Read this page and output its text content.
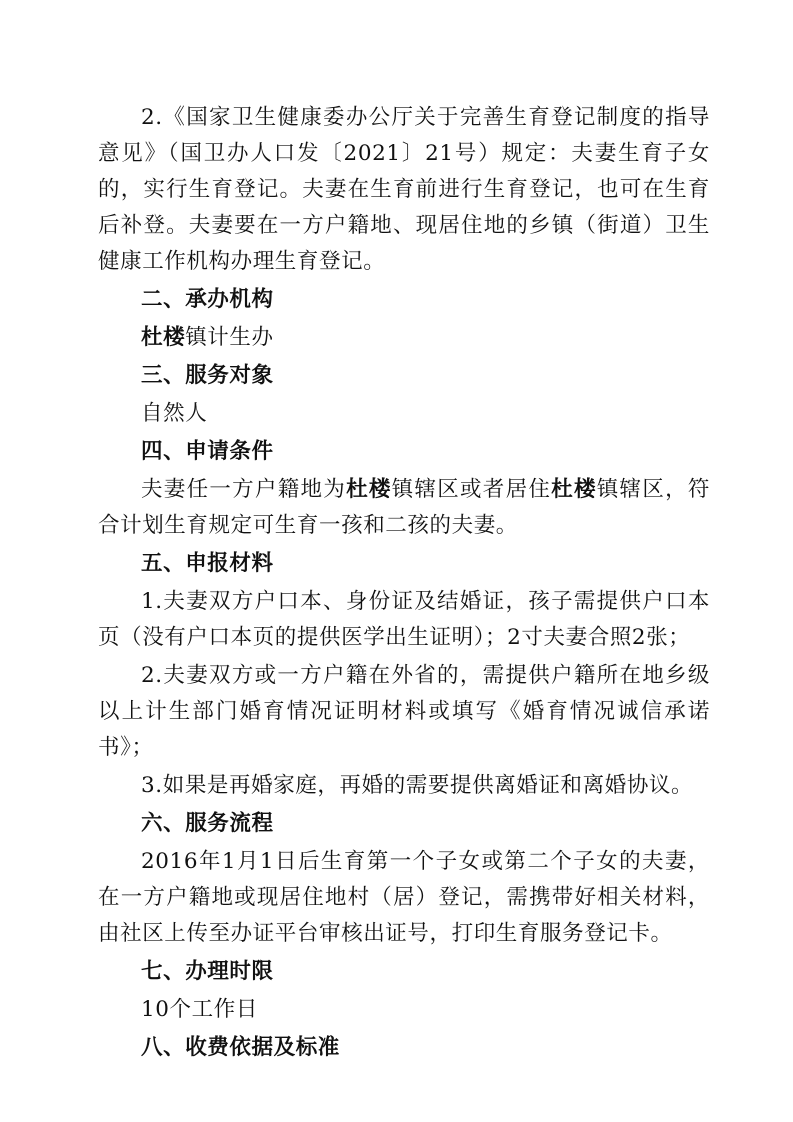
2.《国家卫生健康委办公厅关于完善生育登记制度的指导意见》（国卫办人口发〔2021〕21号）规定：夫妻生育子女的，实行生育登记。夫妻在生育前进行生育登记，也可在生育后补登。夫妻要在一方户籍地、现居住地的乡镇（街道）卫生健康工作机构办理生育登记。

二、承办机构

杜楼镇计生办

三、服务对象

自然人

四、申请条件

夫妻任一方户籍地为杜楼镇辖区或者居住杜楼镇辖区，符合计划生育规定可生育一孩和二孩的夫妻。

五、申报材料

1.夫妻双方户口本、身份证及结婚证，孩子需提供户口本页（没有户口本页的提供医学出生证明）；2寸夫妻合照2张；

2.夫妻双方或一方户籍在外省的，需提供户籍所在地乡级以上计生部门婚育情况证明材料或填写《婚育情况诚信承诺书》；

3.如果是再婚家庭，再婚的需要提供离婚证和离婚协议。

六、服务流程

2016年1月1日后生育第一个子女或第二个子女的夫妻，在一方户籍地或现居住地村（居）登记，需携带好相关材料，由社区上传至办证平台审核出证号，打印生育服务登记卡。

七、办理时限

10个工作日

八、收费依据及标准
